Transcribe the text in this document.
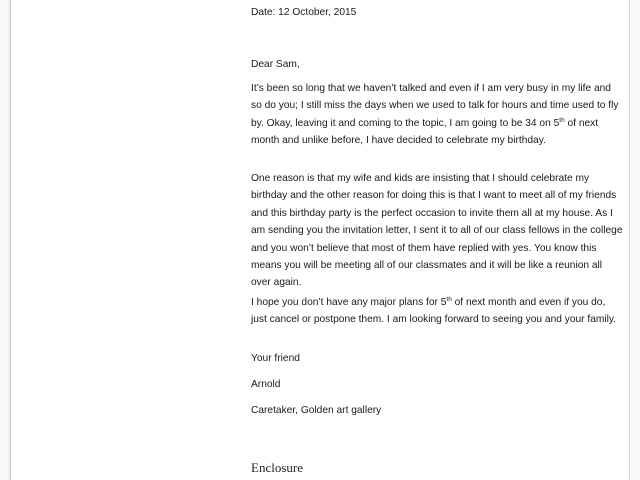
Date: 12 October, 2015
Dear Sam,
It’s been so long that we haven’t talked and even if I am very busy in my life and so do you; I still miss the days when we used to talk for hours and time used to fly by. Okay, leaving it and coming to the topic, I am going to be 34 on 5th of next month and unlike before, I have decided to celebrate my birthday.
One reason is that my wife and kids are insisting that I should celebrate my birthday and the other reason for doing this is that I want to meet all of my friends and this birthday party is the perfect occasion to invite them all at my house. As I am sending you the invitation letter, I sent it to all of our class fellows in the college and you won’t believe that most of them have replied with yes. You know this means you will be meeting all of our classmates and it will be like a reunion all over again.
I hope you don’t have any major plans for 5th of next month and even if you do, just cancel or postpone them. I am looking forward to seeing you and your family.
Your friend
Arnold
Caretaker, Golden art gallery
Enclosure
